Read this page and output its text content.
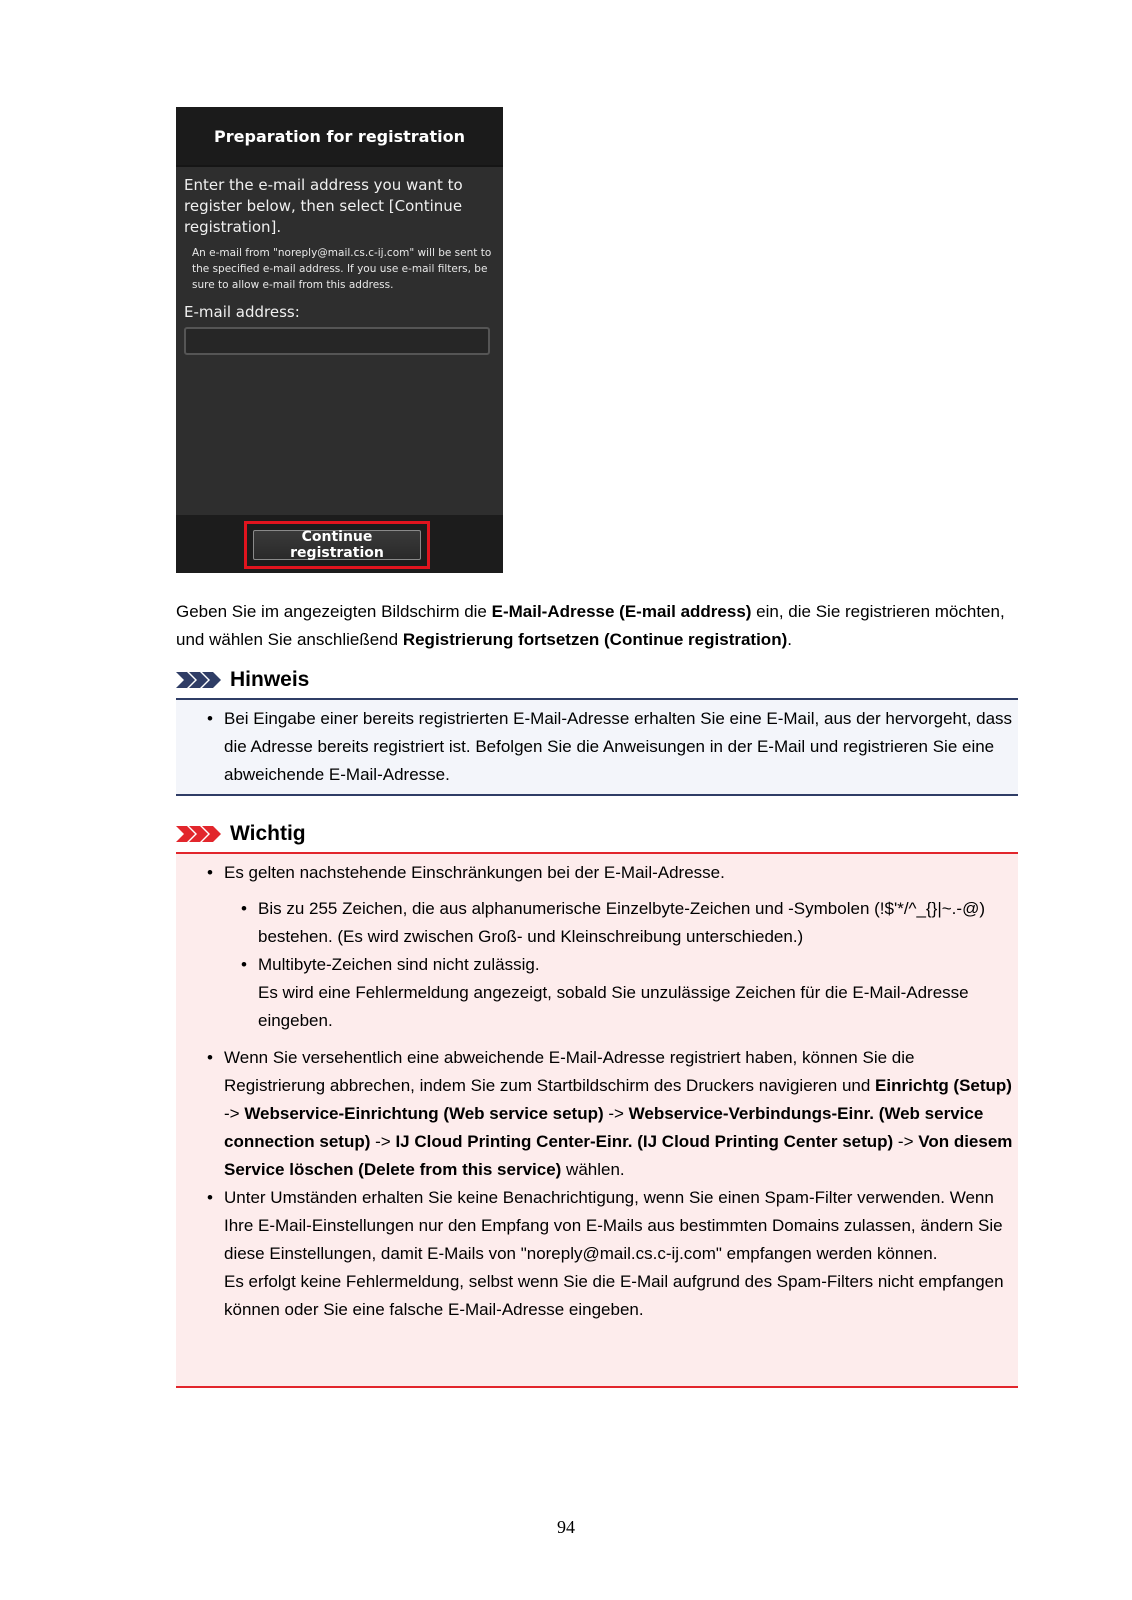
Preparation for registration
Enter the e-mail address you want to register below, then select [Continue registration].
An e-mail from "noreply@mail.cs.c-ij.com" will be sent to the specified e-mail address. If you use e-mail filters, be sure to allow e-mail from this address.
E-mail address:
Continue registration
Geben Sie im angezeigten Bildschirm die E-Mail-Adresse (E-mail address) ein, die Sie registrieren möchten, und wählen Sie anschließend Registrierung fortsetzen (Continue registration).
Hinweis
• Bei Eingabe einer bereits registrierten E-Mail-Adresse erhalten Sie eine E-Mail, aus der hervorgeht, dass die Adresse bereits registriert ist. Befolgen Sie die Anweisungen in der E-Mail und registrieren Sie eine abweichende E-Mail-Adresse.
Wichtig
• Es gelten nachstehende Einschränkungen bei der E-Mail-Adresse.
• Bis zu 255 Zeichen, die aus alphanumerische Einzelbyte-Zeichen und -Symbolen (!$'*/^_{}|~.-@) bestehen. (Es wird zwischen Groß- und Kleinschreibung unterschieden.)
• Multibyte-Zeichen sind nicht zulässig.
Es wird eine Fehlermeldung angezeigt, sobald Sie unzulässige Zeichen für die E-Mail-Adresse eingeben.
• Wenn Sie versehentlich eine abweichende E-Mail-Adresse registriert haben, können Sie die Registrierung abbrechen, indem Sie zum Startbildschirm des Druckers navigieren und Einrichtg (Setup) -> Webservice-Einrichtung (Web service setup) -> Webservice-Verbindungs-Einr. (Web service connection setup) -> IJ Cloud Printing Center-Einr. (IJ Cloud Printing Center setup) -> Von diesem Service löschen (Delete from this service) wählen.
• Unter Umständen erhalten Sie keine Benachrichtigung, wenn Sie einen Spam-Filter verwenden. Wenn Ihre E-Mail-Einstellungen nur den Empfang von E-Mails aus bestimmten Domains zulassen, ändern Sie diese Einstellungen, damit E-Mails von "noreply@mail.cs.c-ij.com" empfangen werden können.
Es erfolgt keine Fehlermeldung, selbst wenn Sie die E-Mail aufgrund des Spam-Filters nicht empfangen können oder Sie eine falsche E-Mail-Adresse eingeben.
94
